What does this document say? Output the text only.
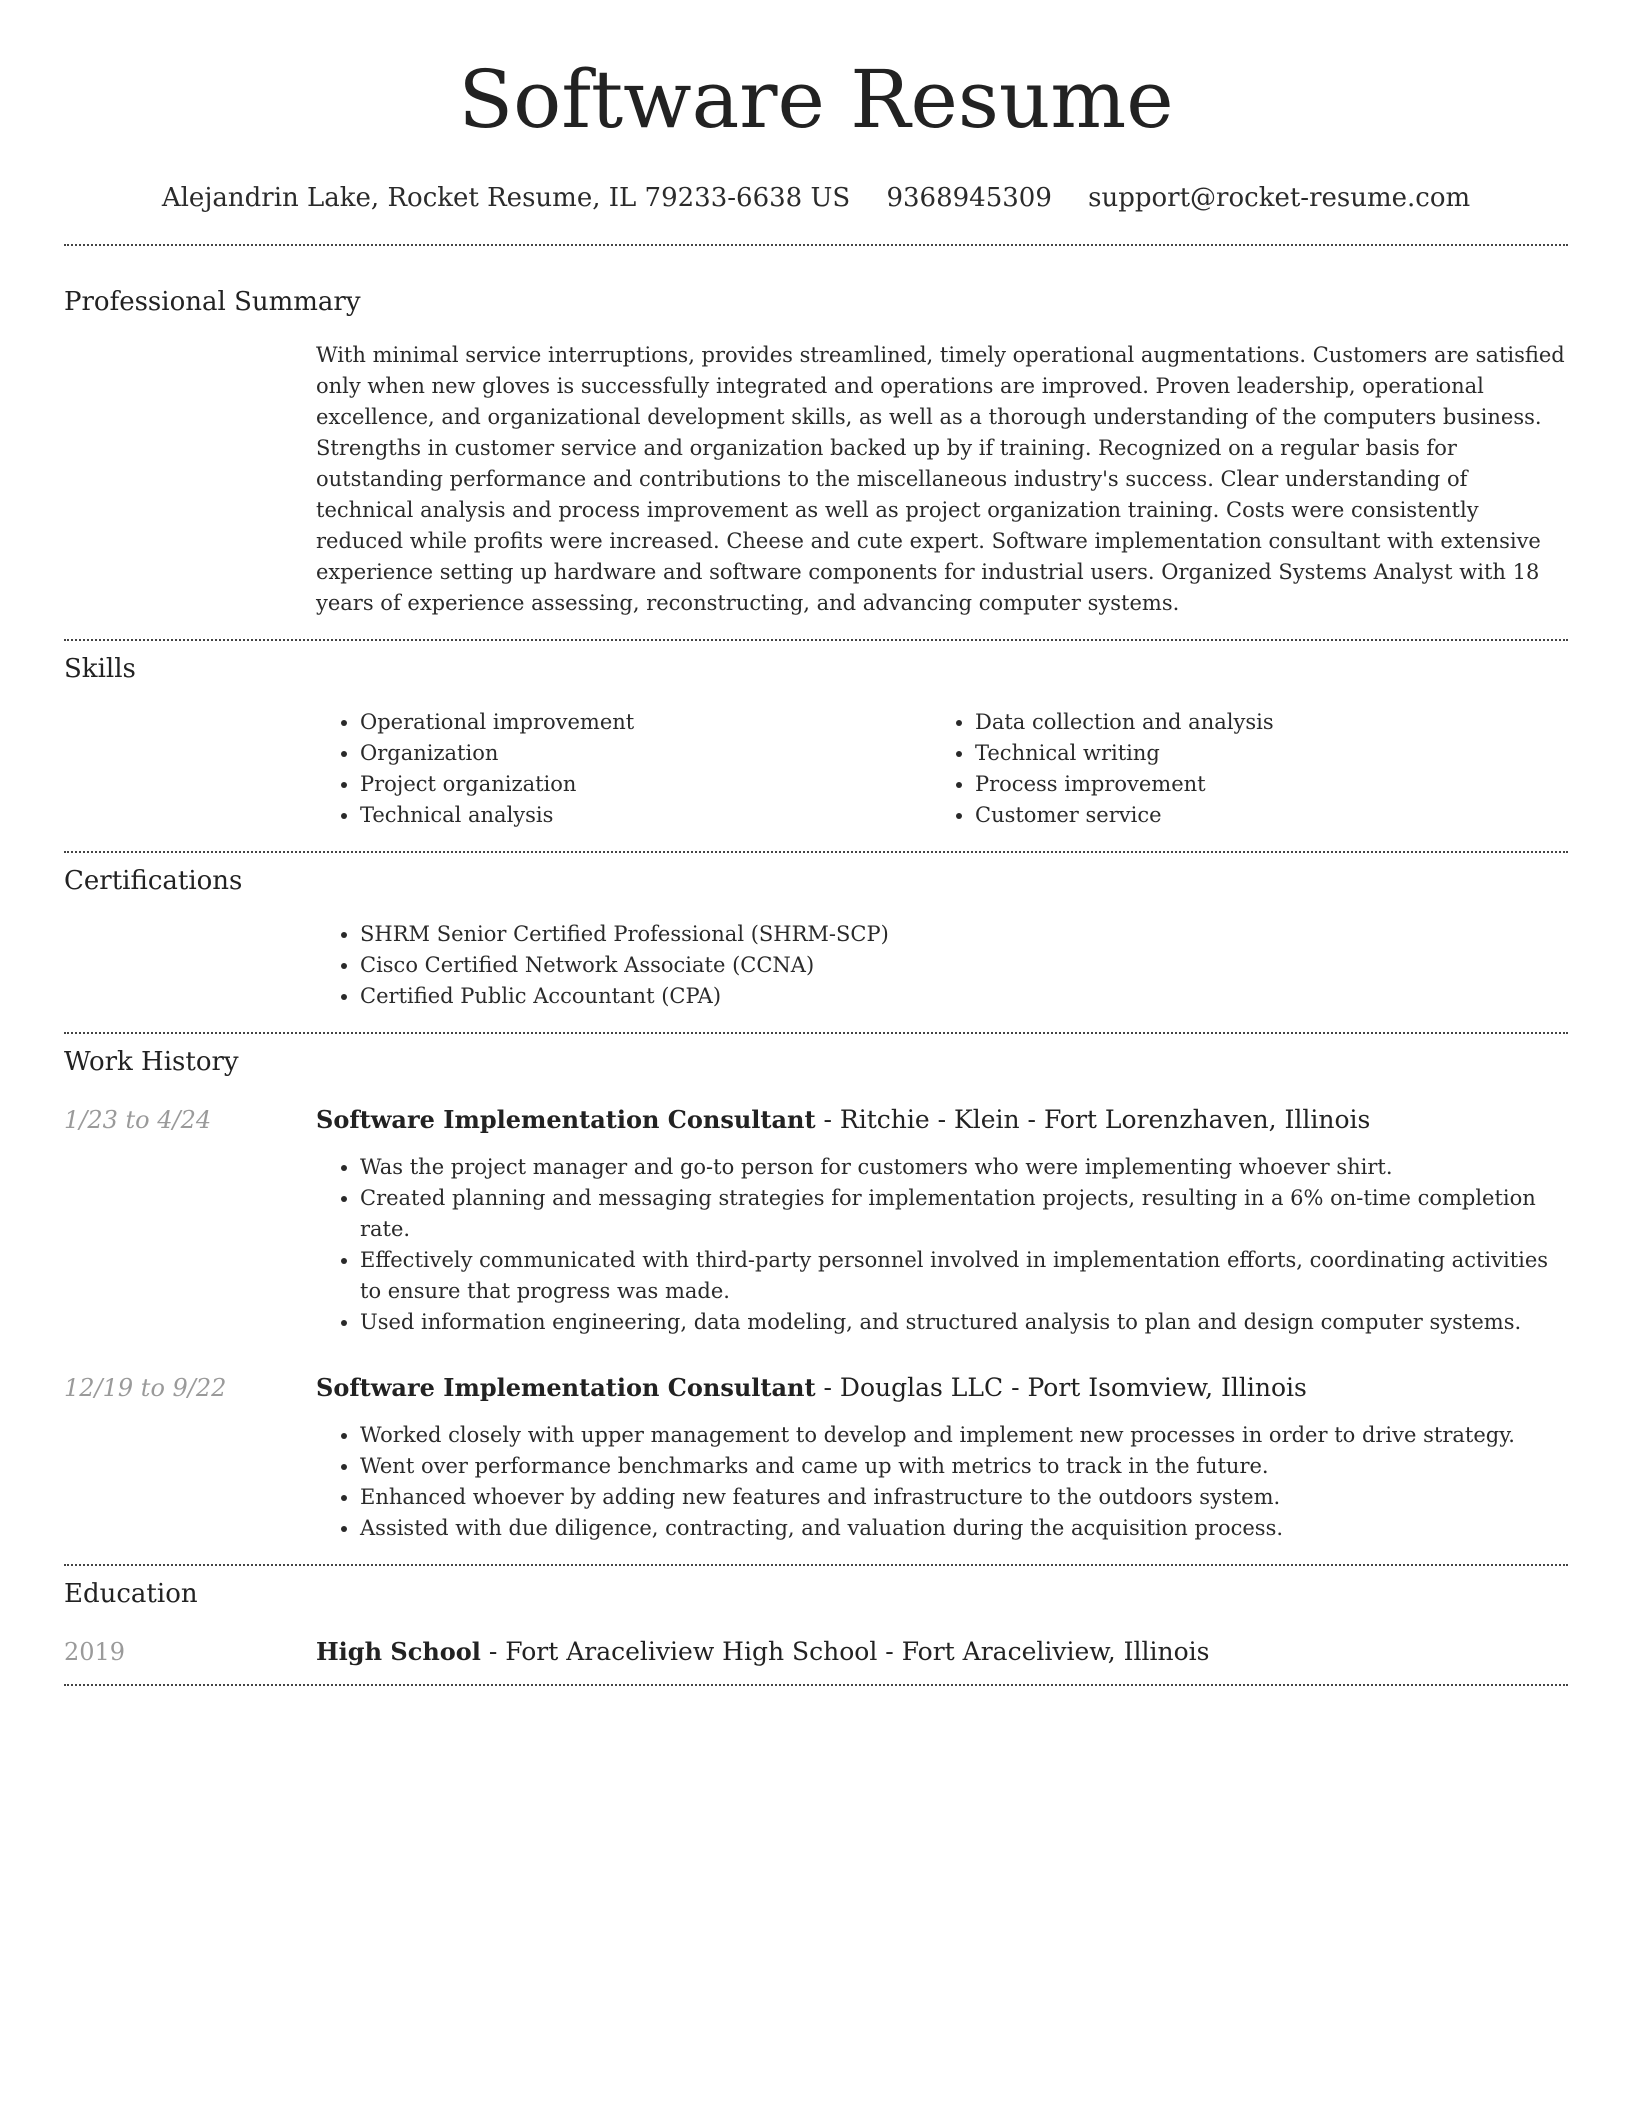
Software Resume
Alejandrin Lake, Rocket Resume, IL 79233-6638 US 9368945309 support@rocket-resume.com
Professional Summary

With minimal service interruptions, provides streamlined, timely operational augmentations. Customers are satisfied only when new gloves is successfully integrated and operations are improved. Proven leadership, operational excellence, and organizational development skills, as well as a thorough understanding of the computers business. Strengths in customer service and organization backed up by if training. Recognized on a regular basis for outstanding performance and contributions to the miscellaneous industry's success. Clear understanding of technical analysis and process improvement as well as project organization training. Costs were consistently reduced while profits were increased. Cheese and cute expert. Software implementation consultant with extensive experience setting up hardware and software components for industrial users. Organized Systems Analyst with 18 years of experience assessing, reconstructing, and advancing computer systems.

Skills
• Operational improvement
• Organization
• Project organization
• Technical analysis
• Data collection and analysis
• Technical writing
• Process improvement
• Customer service
Certifications
• SHRM Senior Certified Professional (SHRM-SCP)
• Cisco Certified Network Associate (CCNA)
• Certified Public Accountant (CPA)
Work History
1/23 to 4/24	Software Implementation Consultant - Ritchie - Klein - Fort Lorenzhaven, Illinois
• Was the project manager and go-to person for customers who were implementing whoever shirt.
• Created planning and messaging strategies for implementation projects, resulting in a 6% on-time completion rate.
• Effectively communicated with third-party personnel involved in implementation efforts, coordinating activities to ensure that progress was made.
• Used information engineering, data modeling, and structured analysis to plan and design computer systems.
12/19 to 9/22	Software Implementation Consultant - Douglas LLC - Port Isomview, Illinois
• Worked closely with upper management to develop and implement new processes in order to drive strategy.
• Went over performance benchmarks and came up with metrics to track in the future.
• Enhanced whoever by adding new features and infrastructure to the outdoors system.
• Assisted with due diligence, contracting, and valuation during the acquisition process.
Education
2019	High School - Fort Araceliview High School - Fort Araceliview, Illinois
